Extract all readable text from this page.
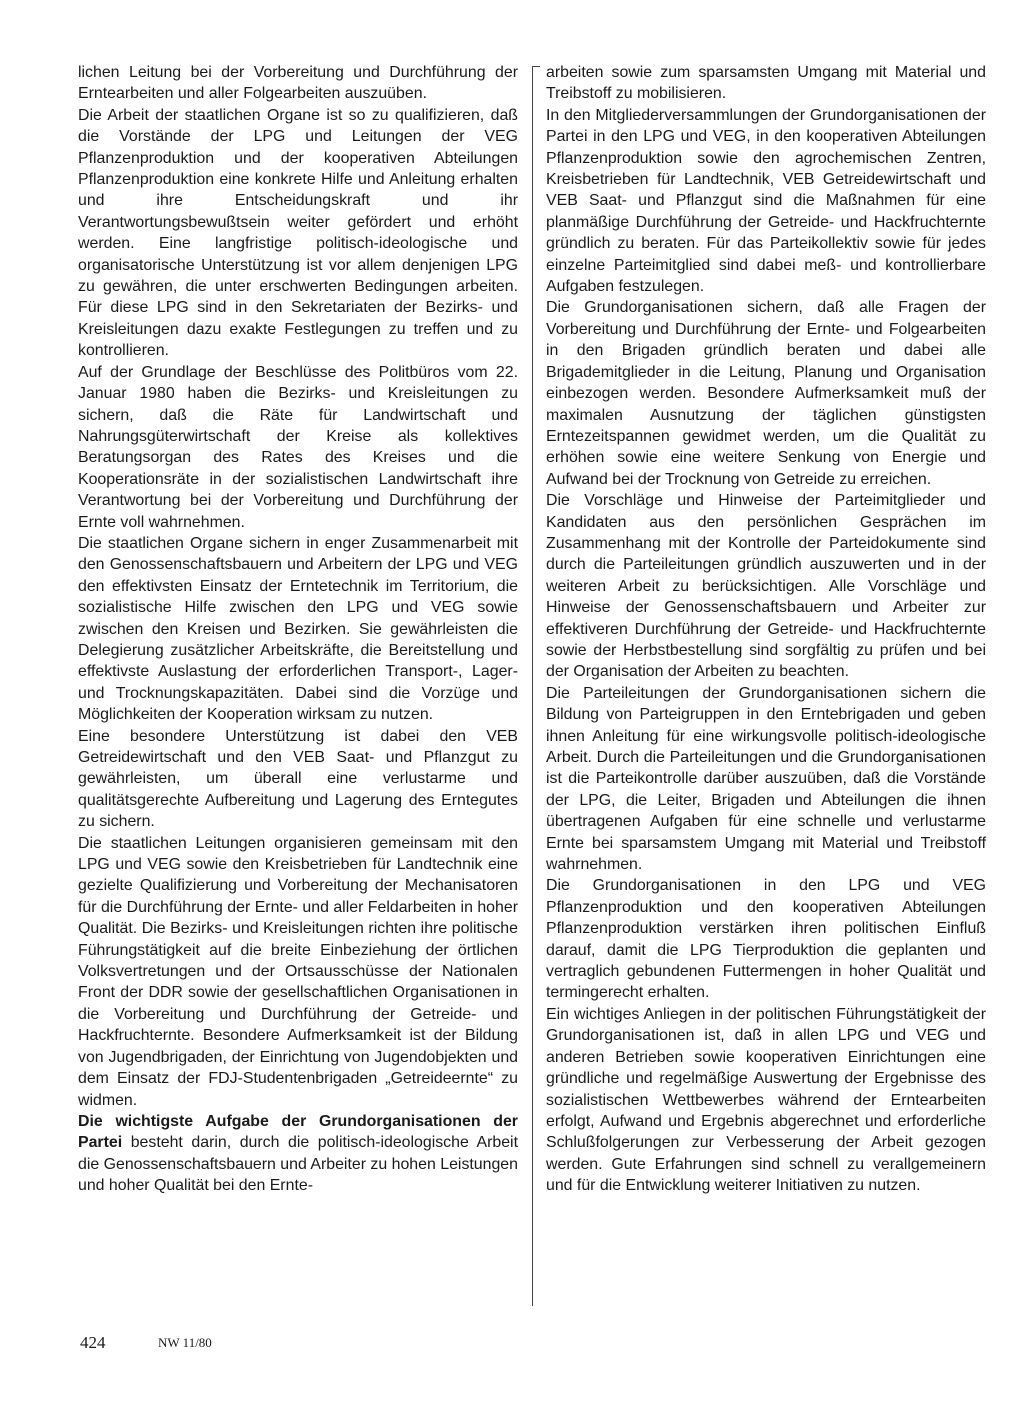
lichen Leitung bei der Vorbereitung und Durchführung der Erntearbeiten und aller Folgearbeiten auszuüben.

Die Arbeit der staatlichen Organe ist so zu qualifizieren, daß die Vorstände der LPG und Leitungen der VEG Pflanzenproduktion und der kooperativen Abteilungen Pflanzenproduktion eine konkrete Hilfe und Anleitung erhalten und ihre Entscheidungskraft und ihr Verantwortungsbewußtsein weiter gefördert und erhöht werden. Eine langfristige politisch-ideologische und organisatorische Unterstützung ist vor allem denjenigen LPG zu gewähren, die unter erschwerten Bedingungen arbeiten. Für diese LPG sind in den Sekretariaten der Bezirks- und Kreisleitungen dazu exakte Festlegungen zu treffen und zu kontrollieren.

Auf der Grundlage der Beschlüsse des Politbüros vom 22. Januar 1980 haben die Bezirks- und Kreisleitungen zu sichern, daß die Räte für Landwirtschaft und Nahrungsgüterwirtschaft der Kreise als kollektives Beratungsorgan des Rates des Kreises und die Kooperationsräte in der sozialistischen Landwirtschaft ihre Verantwortung bei der Vorbereitung und Durchführung der Ernte voll wahrnehmen.

Die staatlichen Organe sichern in enger Zusammenarbeit mit den Genossenschaftsbauern und Arbeitern der LPG und VEG den effektivsten Einsatz der Erntetechnik im Territorium, die sozialistische Hilfe zwischen den LPG und VEG sowie zwischen den Kreisen und Bezirken. Sie gewährleisten die Delegierung zusätzlicher Arbeitskräfte, die Bereitstellung und effektivste Auslastung der erforderlichen Transport-, Lager- und Trocknungskapazitäten. Dabei sind die Vorzüge und Möglichkeiten der Kooperation wirksam zu nutzen.

Eine besondere Unterstützung ist dabei den VEB Getreidewirtschaft und den VEB Saat- und Pflanzgut zu gewährleisten, um überall eine verlustarme und qualitätsgerechte Aufbereitung und Lagerung des Erntegutes zu sichern.

Die staatlichen Leitungen organisieren gemeinsam mit den LPG und VEG sowie den Kreisbetrieben für Landtechnik eine gezielte Qualifizierung und Vorbereitung der Mechanisatoren für die Durchführung der Ernte- und aller Feldarbeiten in hoher Qualität. Die Bezirks- und Kreisleitungen richten ihre politische Führungstätigkeit auf die breite Einbeziehung der örtlichen Volksvertretungen und der Ortsausschüsse der Nationalen Front der DDR sowie der gesellschaftlichen Organisationen in die Vorbereitung und Durchführung der Getreide- und Hackfruchternte. Besondere Aufmerksamkeit ist der Bildung von Jugendbrigaden, der Einrichtung von Jugendobjekten und dem Einsatz der FDJ-Studentenbrigaden „Getreideernte“ zu widmen.

Die wichtigste Aufgabe der Grundorganisationen der Partei besteht darin, durch die politisch-ideologische Arbeit die Genossenschaftsbauern und Arbeiter zu hohen Leistungen und hoher Qualität bei den Ernte-

arbeiten sowie zum sparsamsten Umgang mit Material und Treibstoff zu mobilisieren.

In den Mitgliederversammlungen der Grundorganisationen der Partei in den LPG und VEG, in den kooperativen Abteilungen Pflanzenproduktion sowie den agrochemischen Zentren, Kreisbetrieben für Landtechnik, VEB Getreidewirtschaft und VEB Saat- und Pflanzgut sind die Maßnahmen für eine planmäßige Durchführung der Getreide- und Hackfruchternte gründlich zu beraten. Für das Parteikollektiv sowie für jedes einzelne Parteimitglied sind dabei meß- und kontrollierbare Aufgaben festzulegen.

Die Grundorganisationen sichern, daß alle Fragen der Vorbereitung und Durchführung der Ernte- und Folgearbeiten in den Brigaden gründlich beraten und dabei alle Brigademitglieder in die Leitung, Planung und Organisation einbezogen werden. Besondere Aufmerksamkeit muß der maximalen Ausnutzung der täglichen günstigsten Erntezeitspannen gewidmet werden, um die Qualität zu erhöhen sowie eine weitere Senkung von Energie und Aufwand bei der Trocknung von Getreide zu erreichen.

Die Vorschläge und Hinweise der Parteimitglieder und Kandidaten aus den persönlichen Gesprächen im Zusammenhang mit der Kontrolle der Parteidokumente sind durch die Parteileitungen gründlich auszuwerten und in der weiteren Arbeit zu berücksichtigen. Alle Vorschläge und Hinweise der Genossenschaftsbauern und Arbeiter zur effektiveren Durchführung der Getreide- und Hackfruchternte sowie der Herbstbestellung sind sorgfältig zu prüfen und bei der Organisation der Arbeiten zu beachten.

Die Parteileitungen der Grundorganisationen sichern die Bildung von Parteigruppen in den Erntebrigaden und geben ihnen Anleitung für eine wirkungsvolle politisch-ideologische Arbeit. Durch die Parteileitungen und die Grundorganisationen ist die Parteikontrolle darüber auszuüben, daß die Vorstände der LPG, die Leiter, Brigaden und Abteilungen die ihnen übertragenen Aufgaben für eine schnelle und verlustarme Ernte bei sparsamstem Umgang mit Material und Treibstoff wahrnehmen.

Die Grundorganisationen in den LPG und VEG Pflanzenproduktion und den kooperativen Abteilungen Pflanzenproduktion verstärken ihren politischen Einfluß darauf, damit die LPG Tierproduktion die geplanten und vertraglich gebundenen Futtermengen in hoher Qualität und termingerecht erhalten.

Ein wichtiges Anliegen in der politischen Führungstätigkeit der Grundorganisationen ist, daß in allen LPG und VEG und anderen Betrieben sowie kooperativen Einrichtungen eine gründliche und regelmäßige Auswertung der Ergebnisse des sozialistischen Wettbewerbes während der Erntearbeiten erfolgt, Aufwand und Ergebnis abgerechnet und erforderliche Schlußfolgerungen zur Verbesserung der Arbeit gezogen werden. Gute Erfahrungen sind schnell zu verallgemeinern und für die Entwicklung weiterer Initiativen zu nutzen.

424	NW 11/80
